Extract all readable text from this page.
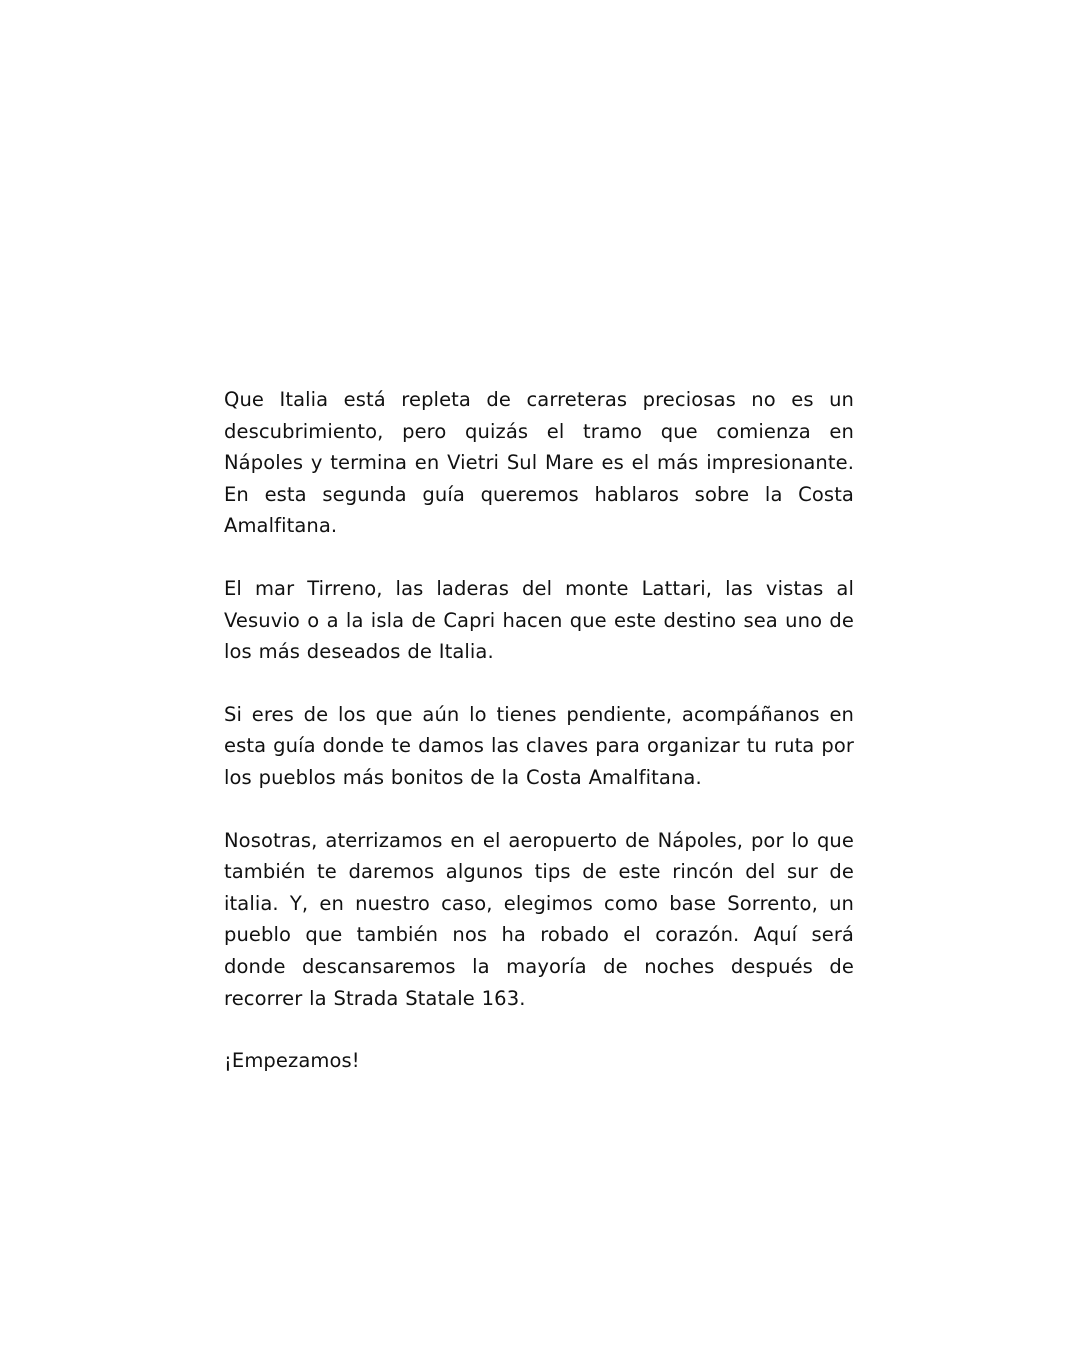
Que Italia está repleta de carreteras preciosas no es un descubrimiento, pero quizás el tramo que comienza en Nápoles y termina en Vietri Sul Mare es el más impresionante. En esta segunda guía queremos hablaros sobre la Costa Amalfitana.

El mar Tirreno, las laderas del monte Lattari, las vistas al Vesuvio o a la isla de Capri hacen que este destino sea uno de los más deseados de Italia.

Si eres de los que aún lo tienes pendiente, acompáñanos en esta guía donde te damos las claves para organizar tu ruta por los pueblos más bonitos de la Costa Amalfitana.

Nosotras, aterrizamos en el aeropuerto de Nápoles, por lo que también te daremos algunos tips de este rincón del sur de italia. Y, en nuestro caso, elegimos como base Sorrento, un pueblo que también nos ha robado el corazón. Aquí será donde descansaremos la mayoría de noches después de recorrer la Strada Statale 163.

¡Empezamos!
